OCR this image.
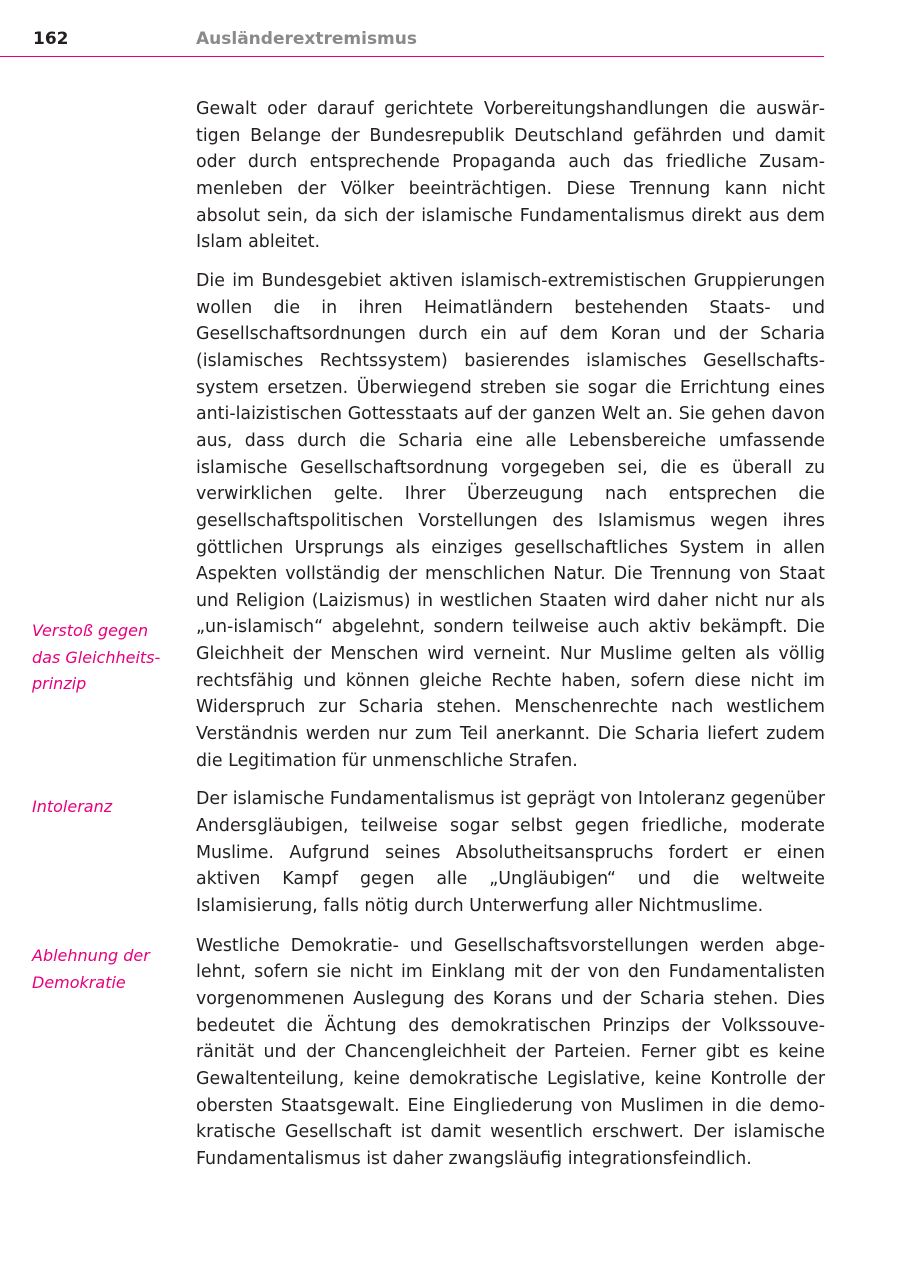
162	Ausländerextremismus
Verstoß gegen
das Gleichheits-
prinzip
Intoleranz
Ablehnung der
Demokratie

Gewalt oder darauf gerichtete Vorbereitungshandlungen die auswärtigen Belange der Bundesrepublik Deutschland gefährden und damit oder durch entsprechende Propaganda auch das friedliche Zusammenleben der Völker beeinträchtigen. Diese Trennung kann nicht absolut sein, da sich der islamische Fundamentalismus direkt aus dem Islam ableitet.

Die im Bundesgebiet aktiven islamisch-extremistischen Gruppierungen wollen die in ihren Heimatländern bestehenden Staats- und Gesellschaftsordnungen durch ein auf dem Koran und der Scharia (islamisches Rechtssystem) basierendes islamisches Gesellschaftssystem ersetzen. Überwiegend streben sie sogar die Errichtung eines anti-laizistischen Gottesstaats auf der ganzen Welt an. Sie gehen davon aus, dass durch die Scharia eine alle Lebensbereiche umfassende islamische Gesellschaftsordnung vorgegeben sei, die es überall zu verwirklichen gelte. Ihrer Überzeugung nach entsprechen die gesellschaftspolitischen Vorstellungen des Islamismus wegen ihres göttlichen Ursprungs als einziges gesellschaftliches System in allen Aspekten vollständig der menschlichen Natur. Die Trennung von Staat und Religion (Laizismus) in westlichen Staaten wird daher nicht nur als „un-islamisch“ abgelehnt, sondern teilweise auch aktiv bekämpft. Die Gleichheit der Menschen wird verneint. Nur Muslime gelten als völlig rechtsfähig und können gleiche Rechte haben, sofern diese nicht im Widerspruch zur Scharia stehen. Menschenrechte nach westlichem Verständnis werden nur zum Teil anerkannt. Die Scharia liefert zudem die Legitimation für unmenschliche Strafen.

Der islamische Fundamentalismus ist geprägt von Intoleranz gegenüber Andersgläubigen, teilweise sogar selbst gegen friedliche, moderate Muslime. Aufgrund seines Absolutheitsanspruchs fordert er einen aktiven Kampf gegen alle „Ungläubigen“ und die weltweite Islamisierung, falls nötig durch Unterwerfung aller Nichtmuslime.

Westliche Demokratie- und Gesellschaftsvorstellungen werden abgelehnt, sofern sie nicht im Einklang mit der von den Fundamentalisten vorgenommenen Auslegung des Korans und der Scharia stehen. Dies bedeutet die Ächtung des demokratischen Prinzips der Volkssouveränität und der Chancengleichheit der Parteien. Ferner gibt es keine Gewaltenteilung, keine demokratische Legislative, keine Kontrolle der obersten Staatsgewalt. Eine Eingliederung von Muslimen in die demokratische Gesellschaft ist damit wesentlich erschwert. Der islamische Fundamentalismus ist daher zwangsläufig integrationsfeindlich.
